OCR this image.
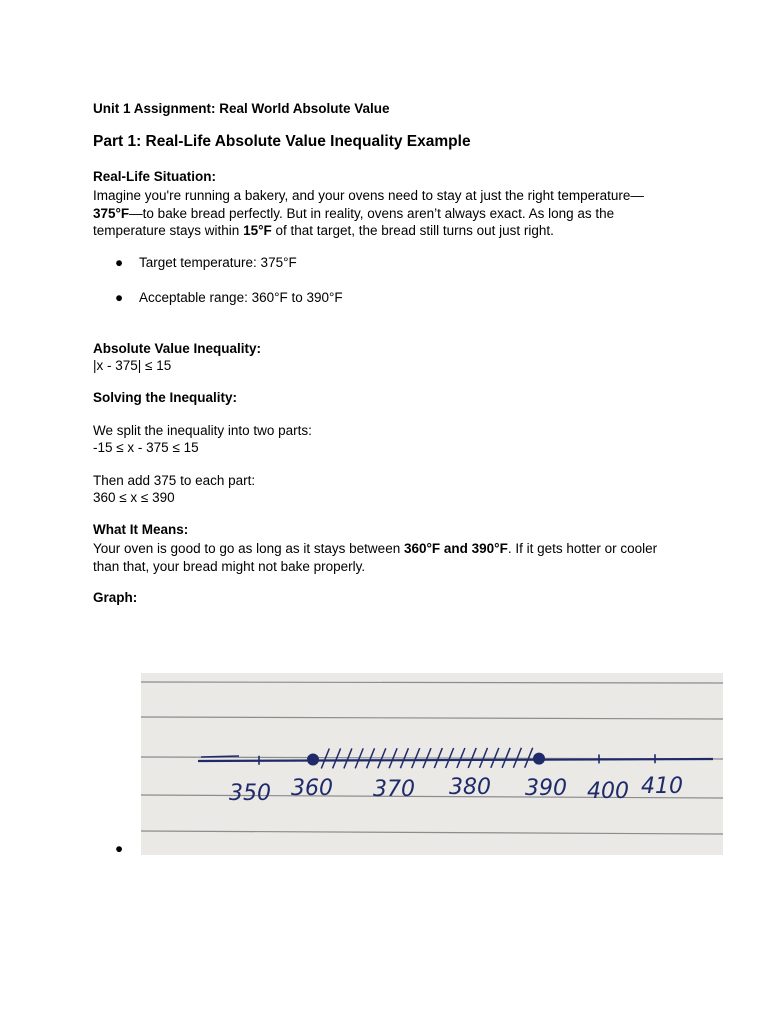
Unit 1 Assignment: Real World Absolute Value
Part 1: Real-Life Absolute Value Inequality Example
Real-Life Situation:
Imagine you're running a bakery, and your ovens need to stay at just the right temperature—375°F—to bake bread perfectly. But in reality, ovens aren’t always exact. As long as the temperature stays within 15°F of that target, the bread still turns out just right.
● Target temperature: 375°F
● Acceptable range: 360°F to 390°F
Absolute Value Inequality:
|x - 375| ≤ 15
Solving the Inequality:
We split the inequality into two parts:
-15 ≤ x - 375 ≤ 15
Then add 375 to each part:
360 ≤ x ≤ 390
What It Means:
Your oven is good to go as long as it stays between 360°F and 390°F. If it gets hotter or cooler than that, your bread might not bake properly.
Graph:
350 360 370 380 390 400 410
●
